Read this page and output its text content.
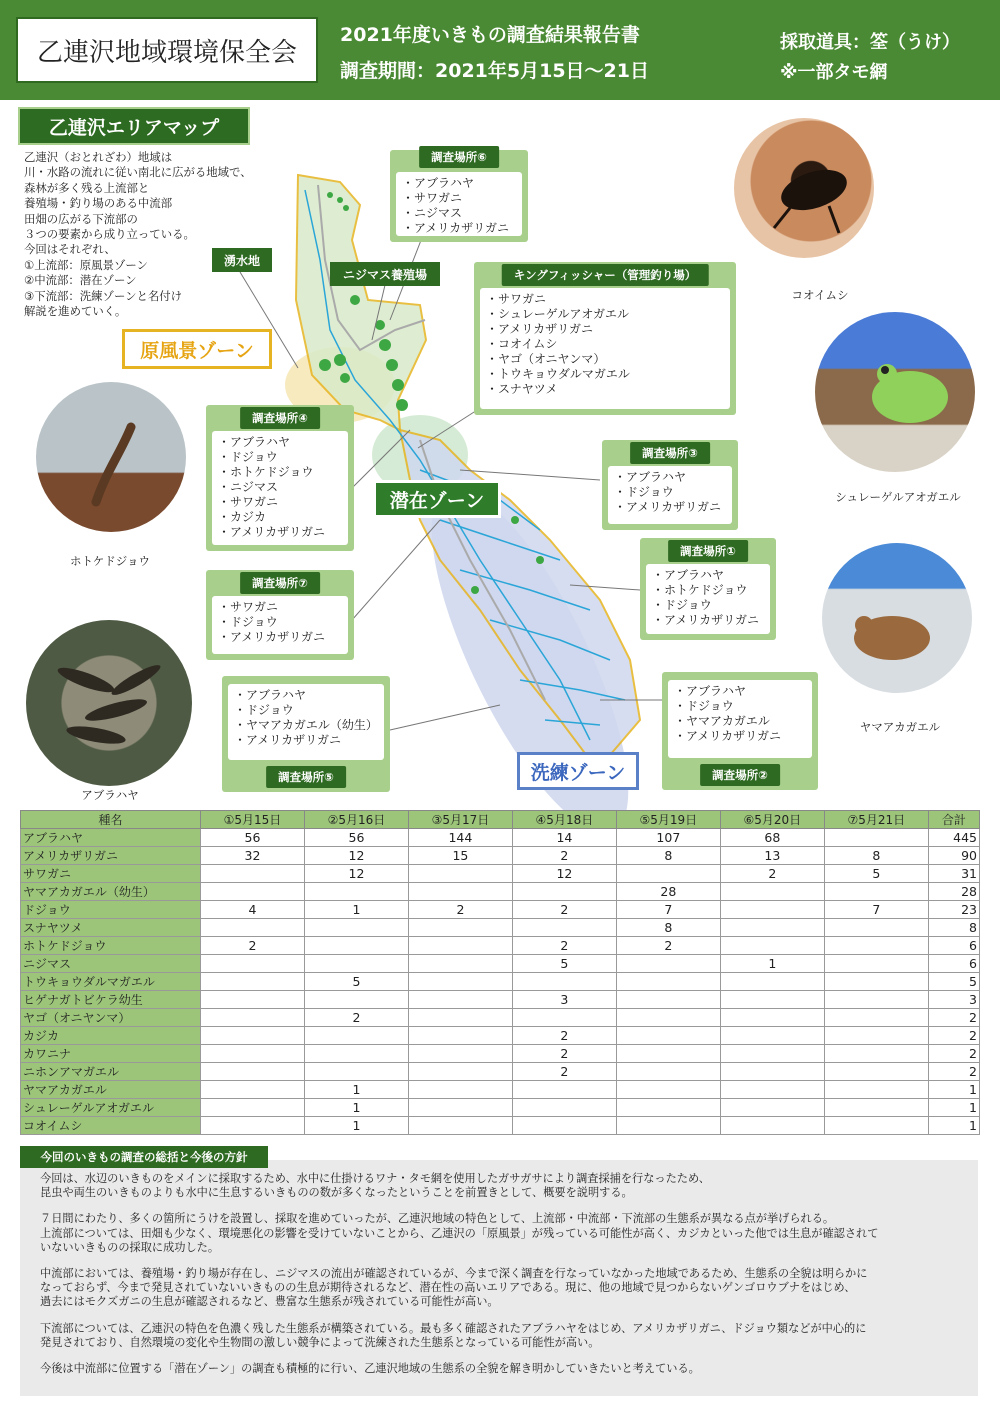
乙連沢地域環境保全会
2021年度いきもの調査結果報告書
調査期間：2021年5月15日〜21日
採取道具：筌（うけ）
※一部タモ網
乙連沢エリアマップ
乙連沢（おとれざわ）地域は
川・水路の流れに従い南北に広がる地域で、
森林が多く残る上流部と
養殖場・釣り場のある中流部
田畑の広がる下流部の
３つの要素から成り立っている。
今回はそれぞれ、
①上流部：原風景ゾーン
②中流部：潜在ゾーン
③下流部：洗練ゾーンと名付け
解説を進めていく。
原風景ゾーン
潜在ゾーン
洗練ゾーン
湧水地
ニジマス養殖場
調査場所⑥
・アブラハヤ
・サワガニ
・ニジマス
・アメリカザリガニ
キングフィッシャー（管理釣り場）
・サワガニ
・シュレーゲルアオガエル
・アメリカザリガニ
・コオイムシ
・ヤゴ（オニヤンマ）
・トウキョウダルマガエル
・スナヤツメ
調査場所④
・アブラハヤ
・ドジョウ
・ホトケドジョウ
・ニジマス
・サワガニ
・カジカ
・アメリカザリガニ
調査場所③
・アブラハヤ
・ドジョウ
・アメリカザリガニ
調査場所①
・アブラハヤ
・ホトケドジョウ
・ドジョウ
・アメリカザリガニ
調査場所⑦
・サワガニ
・ドジョウ
・アメリカザリガニ
・アブラハヤ
・ドジョウ
・ヤマアカガエル（幼生）
・アメリカザリガニ
調査場所⑤
・アブラハヤ
・ドジョウ
・ヤマアカガエル
・アメリカザリガニ
調査場所②
コオイムシ
シュレーゲルアオガエル
ヤマアカガエル
ホトケドジョウ
アブラハヤ
種名	①5月15日	②5月16日	③5月17日	④5月18日	⑤5月19日	⑥5月20日	⑦5月21日	合計
アブラハヤ	56	56	144	14	107	68		445
アメリカザリガニ	32	12	15	2	8	13	8	90
サワガニ		12		12		2	5	31
ヤマアカガエル（幼生）					28			28
ドジョウ	4	1	2	2	7		7	23
スナヤツメ					8			8
ホトケドジョウ	2			2	2			6
ニジマス				5		1		6
トウキョウダルマガエル		5						5
ヒゲナガトビケラ幼生				3				3
ヤゴ（オニヤンマ）		2						2
カジカ				2				2
カワニナ				2				2
ニホンアマガエル				2				2
ヤマアカガエル		1						1
シュレーゲルアオガエル		1						1
コオイムシ		1						1
今回のいきもの調査の総括と今後の方針

今回は、水辺のいきものをメインに採取するため、水中に仕掛けるワナ・タモ網を使用したガサガサにより調査採捕を行なったため、
昆虫や両生のいきものよりも水中に生息するいきものの数が多くなったということを前置きとして、概要を説明する。

７日間にわたり、多くの箇所にうけを設置し、採取を進めていったが、乙連沢地域の特色として、上流部・中流部・下流部の生態系が異なる点が挙げられる。
上流部については、田畑も少なく、環境悪化の影響を受けていないことから、乙連沢の「原風景」が残っている可能性が高く、カジカといった他では生息が確認されて
いないいきものの採取に成功した。

中流部においては、養殖場・釣り場が存在し、ニジマスの流出が確認されているが、今まで深く調査を行なっていなかった地域であるため、生態系の全貌は明らかに
なっておらず、今まで発見されていないいきものの生息が期待されるなど、潜在性の高いエリアである。現に、他の地域で見つからないゲンゴロウブナをはじめ、
過去にはモクズガニの生息が確認されるなど、豊富な生態系が残されている可能性が高い。

下流部については、乙連沢の特色を色濃く残した生態系が構築されている。最も多く確認されたアブラハヤをはじめ、アメリカザリガニ、ドジョウ類などが中心的に
発見されており、自然環境の変化や生物間の激しい競争によって洗練された生態系となっている可能性が高い。

今後は中流部に位置する「潜在ゾーン」の調査も積極的に行い、乙連沢地域の生態系の全貌を解き明かしていきたいと考えている。
